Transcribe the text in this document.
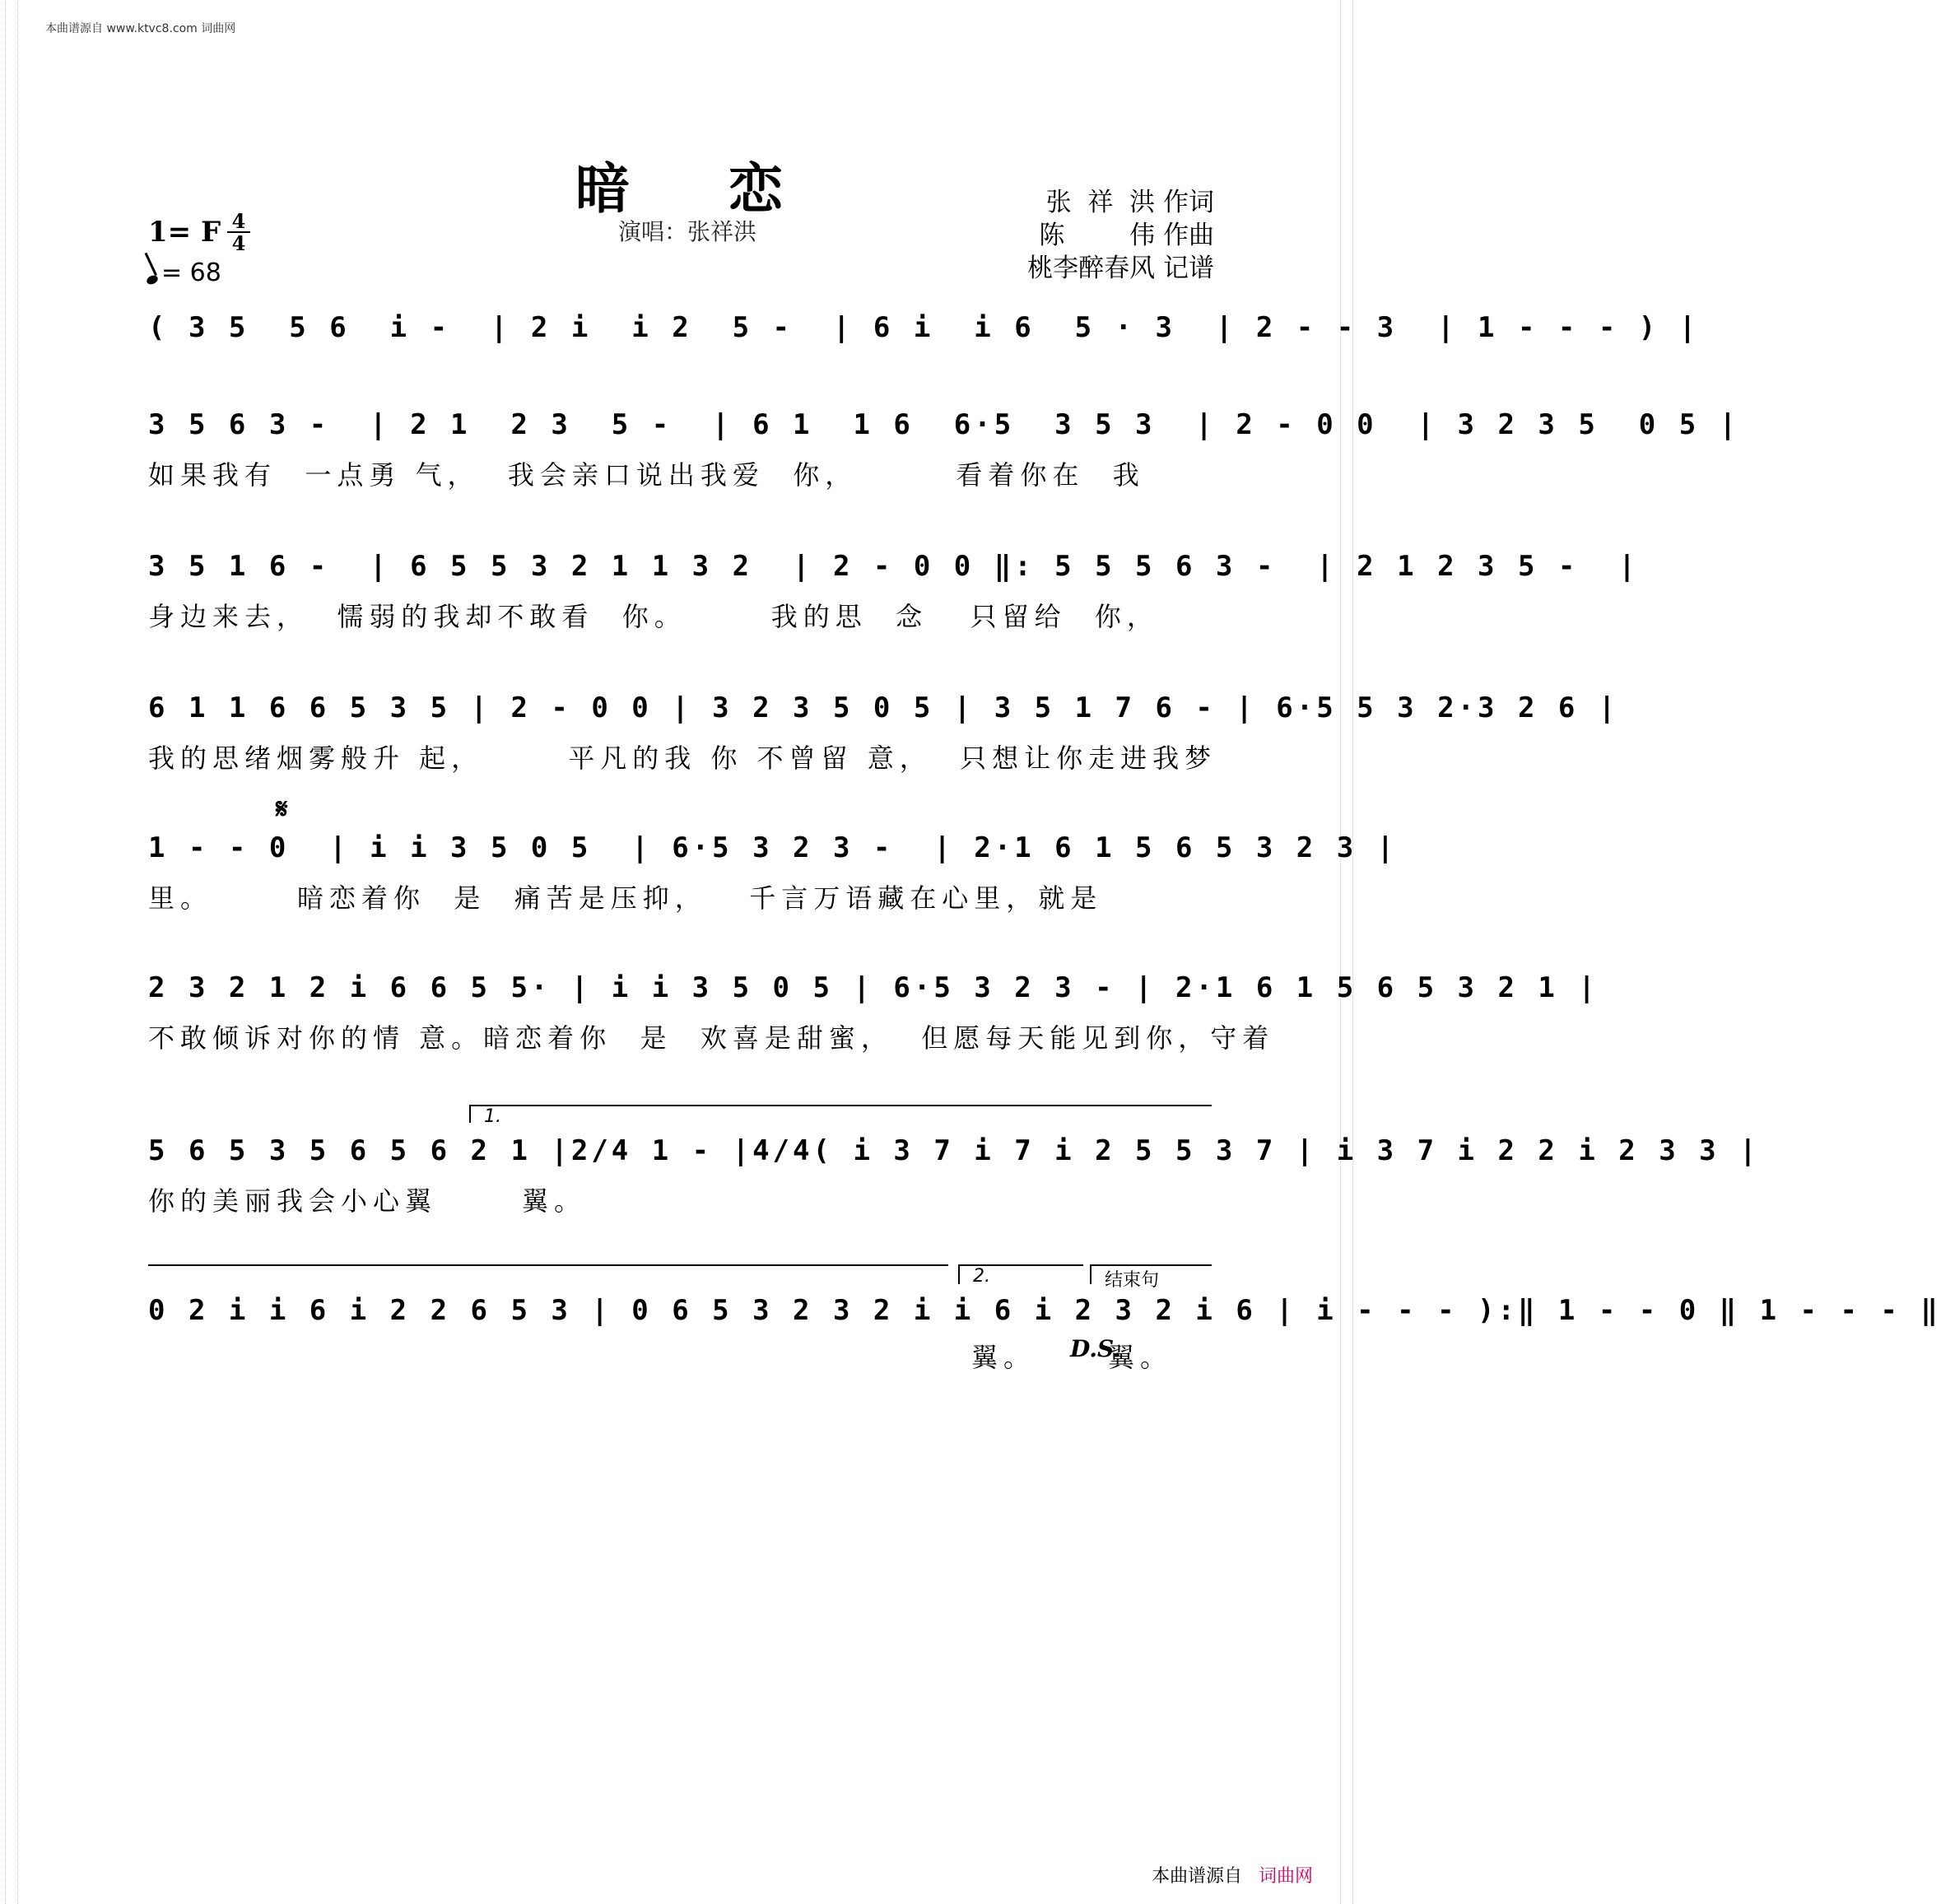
本曲谱源自 www.ktvc8.com 词曲网
暗恋
演唱：张祥洪
张  祥  洪 作词
陈        伟 作曲
桃李醉春风 记谱
1= F 4
4
= 68
( 3 5  5 6  i -  | 2 i  i 2  5 -  | 6 i  i 6  5 · 3  | 2 - - 3  | 1 - - - ) |
3 5 6 3 -  | 2 1  2 3  5 -  | 6 1  1 6  6·5  3 5 3  | 2 - 0 0  | 3 2 3 5  0 5 |
如果我有  一点勇 气，  我会亲口说出我爱  你，       看着你在  我
3 5 1 6 -  | 6 5 5 3 2 1 1 3 2  | 2 - 0 0 ‖: 5 5 5 6 3 -  | 2 1 2 3 5 -  |
身边来去，  懦弱的我却不敢看  你。      我的思  念   只留给  你，
6 1 1 6 6 5 3 5 | 2 - 0 0 | 3 2 3 5 0 5 | 3 5 1 7 6 - | 6·5 5 3 2·3 2 6 |
我的思绪烟雾般升 起，      平凡的我 你 不曾留 意，  只想让你走进我梦
𝄋
1 - - 0  | i i 3 5 0 5  | 6·5 3 2 3 -  | 2·1 6 1 5 6 5 3 2 3 |
里。      暗恋着你  是  痛苦是压抑，   千言万语藏在心里，就是
2 3 2 1 2 i 6 6 5 5· | i i 3 5 0 5 | 6·5 3 2 3 - | 2·1 6 1 5 6 5 3 2 1 |
不敢倾诉对你的情 意。暗恋着你  是  欢喜是甜蜜，  但愿每天能见到你，守着
1.
5 6 5 3 5 6 5 6 2 1 |2/4 1 - |4/4( i 3 7 i 7 i 2 5 5 3 7 | i 3 7 i 2 2 i 2 3 3 |
你的美丽我会小心翼      翼。
2.	结束句
0 2 i i 6 i 2 2 6 5 3 | 0 6 5 3 2 3 2 i i 6 i 2 3 2 i 6 | i - - - ):‖ 1 - - 0 ‖ 1 - - - ‖
翼。	D.S.
翼。
本曲谱源自 词曲网
